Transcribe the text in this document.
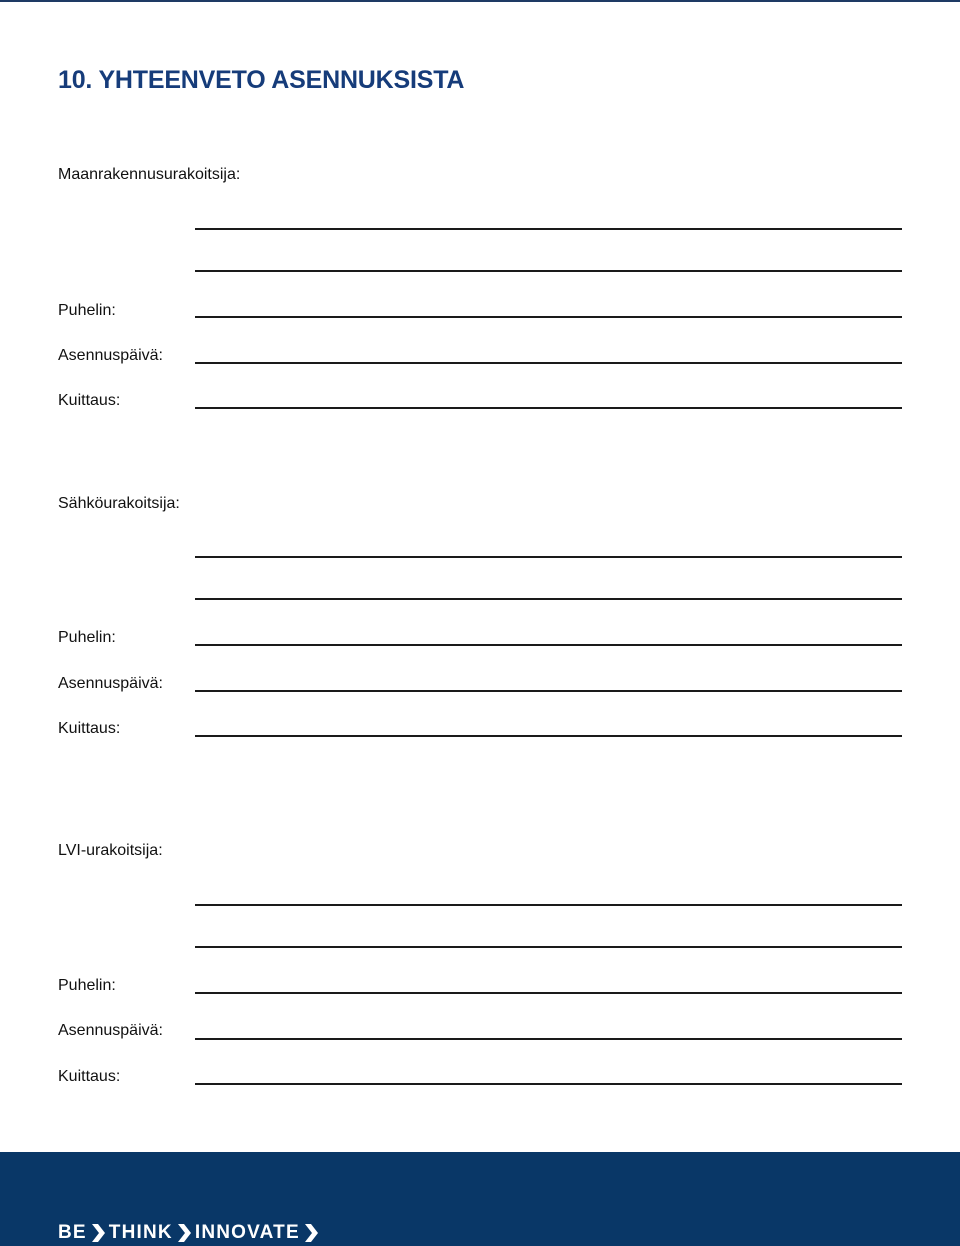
10. YHTEENVETO ASENNUKSISTA
Maanrakennusurakoitsija:
Puhelin:
Asennuspäivä:
Kuittaus:
Sähköurakoitsija:
Puhelin:
Asennuspäivä:
Kuittaus:
LVI-urakoitsija:
Puhelin:
Asennuspäivä:
Kuittaus:
BE THINK INNOVATE
